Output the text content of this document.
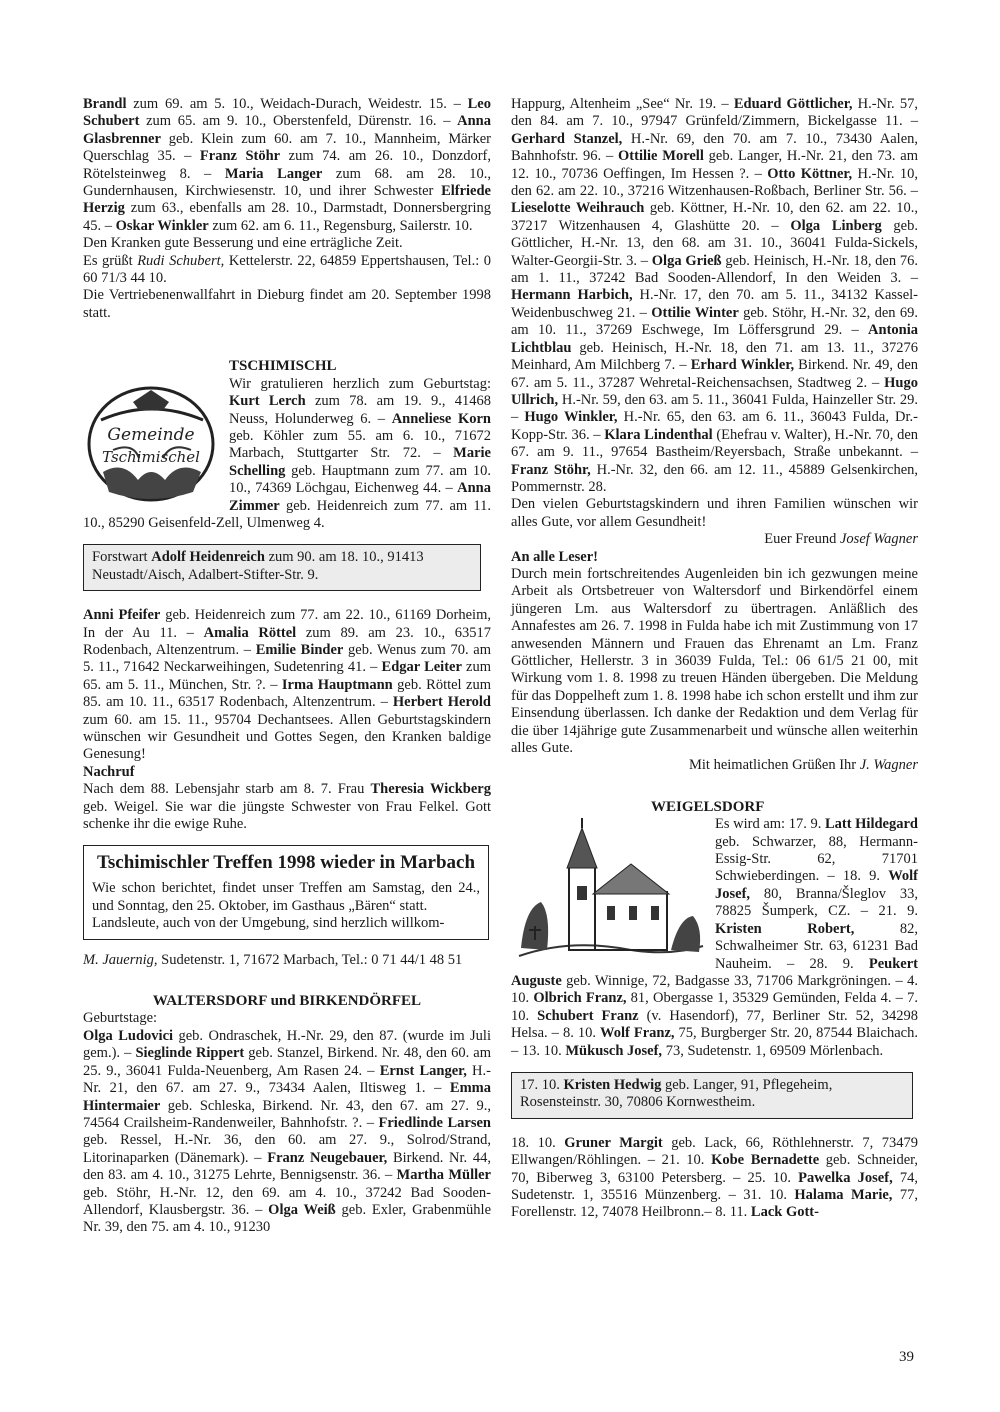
Brandl zum 69. am 5. 10., Weidach-Durach, Weidestr. 15. – Leo Schubert zum 65. am 9. 10., Oberstenfeld, Dürenstr. 16. – Anna Glasbrenner geb. Klein zum 60. am 7. 10., Mannheim, Märker Querschlag 35. – Franz Stöhr zum 74. am 26. 10., Donzdorf, Rötelsteinweg 8. – Maria Langer zum 68. am 28. 10., Gundernhausen, Kirchwiesenstr. 10, und ihrer Schwester Elfriede Herzig zum 63., ebenfalls am 28. 10., Darmstadt, Donnersbergring 45. – Oskar Winkler zum 62. am 6. 11., Regensburg, Sailerstr. 10.

Den Kranken gute Besserung und eine erträgliche Zeit.

Es grüßt Rudi Schubert, Kettelerstr. 22, 64859 Eppertshausen, Tel.: 0 60 71/3 44 10.

Die Vertriebenenwallfahrt in Dieburg findet am 20. September 1998 statt.

Gemeinde
Tschimischel

TSCHIMISCHL

Wir gratulieren herzlich zum Geburtstag: Kurt Lerch zum 78. am 19. 9., 41468 Neuss, Holunderweg 6. – Anneliese Korn geb. Köhler zum 55. am 6. 10., 71672 Marbach, Stuttgarter Str. 72. – Marie Schelling geb. Hauptmann zum 77. am 10. 10., 74369 Löchgau, Eichenweg 44. – Anna Zimmer geb. Heidenreich zum 77. am 11. 10., 85290 Geisenfeld-Zell, Ulmenweg 4.

Forstwart Adolf Heidenreich zum 90. am 18. 10., 91413 Neustadt/Aisch, Adalbert-Stifter-Str. 9.

Anni Pfeifer geb. Heidenreich zum 77. am 22. 10., 61169 Dorheim, In der Au 11. – Amalia Röttel zum 89. am 23. 10., 63517 Rodenbach, Altenzentrum. – Emilie Binder geb. Wenus zum 70. am 5. 11., 71642 Neckarweihingen, Sudetenring 41. – Edgar Leiter zum 65. am 5. 11., München, Str. ?. – Irma Hauptmann geb. Röttel zum 85. am 10. 11., 63517 Rodenbach, Altenzentrum. – Herbert Herold zum 60. am 15. 11., 95704 Dechantsees. Allen Geburtstagskindern wünschen wir Gesundheit und Gottes Segen, den Kranken baldige Genesung!

Nachruf

Nach dem 88. Lebensjahr starb am 8. 7. Frau Theresia Wickberg geb. Weigel. Sie war die jüngste Schwester von Frau Felkel. Gott schenke ihr die ewige Ruhe.

Tschimischler Treffen 1998 wieder in Marbach

Wie schon berichtet, findet unser Treffen am Samstag, den 24., und Sonntag, den 25. Oktober, im Gasthaus „Bären“ statt.

Landsleute, auch von der Umgebung, sind herzlich willkom-

M. Jauernig, Sudetenstr. 1, 71672 Marbach, Tel.: 0 71 44/1 48 51

WALTERSDORF und BIRKENDÖRFEL

Geburtstage:

Olga Ludovici geb. Ondraschek, H.-Nr. 29, den 87. (wurde im Juli gem.). – Sieglinde Rippert geb. Stanzel, Birkend. Nr. 48, den 60. am 25. 9., 36041 Fulda-Neuenberg, Am Rasen 24. – Ernst Langer, H.-Nr. 21, den 67. am 27. 9., 73434 Aalen, Iltisweg 1. – Emma Hintermaier geb. Schleska, Birkend. Nr. 43, den 67. am 27. 9., 74564 Crailsheim-Randenweiler, Bahnhofstr. ?. – Friedlinde Larsen geb. Ressel, H.-Nr. 36, den 60. am 27. 9., Solrod/Strand, Litorinaparken (Dänemark). – Franz Neugebauer, Birkend. Nr. 44, den 83. am 4. 10., 31275 Lehrte, Bennigsenstr. 36. – Martha Müller geb. Stöhr, H.-Nr. 12, den 69. am 4. 10., 37242 Bad Sooden-Allendorf, Klausbergstr. 36. – Olga Weiß geb. Exler, Grabenmühle Nr. 39, den 75. am 4. 10., 91230

Happurg, Altenheim „See“ Nr. 19. – Eduard Göttlicher, H.-Nr. 57, den 84. am 7. 10., 97947 Grünfeld/Zimmern, Bickelgasse 11. – Gerhard Stanzel, H.-Nr. 69, den 70. am 7. 10., 73430 Aalen, Bahnhofstr. 96. – Ottilie Morell geb. Langer, H.-Nr. 21, den 73. am 12. 10., 70736 Oeffingen, Im Hessen ?. – Otto Köttner, H.-Nr. 10, den 62. am 22. 10., 37216 Witzenhausen-Roßbach, Berliner Str. 56. – Lieselotte Weihrauch geb. Köttner, H.-Nr. 10, den 62. am 22. 10., 37217 Witzenhausen 4, Glashütte 20. – Olga Linberg geb. Göttlicher, H.-Nr. 13, den 68. am 31. 10., 36041 Fulda-Sickels, Walter-Georgii-Str. 3. – Olga Grieß geb. Heinisch, H.-Nr. 18, den 76. am 1. 11., 37242 Bad Sooden-Allendorf, In den Weiden 3. – Hermann Harbich, H.-Nr. 17, den 70. am 5. 11., 34132 Kassel-Weidenbuschweg 21. – Ottilie Winter geb. Stöhr, H.-Nr. 32, den 69. am 10. 11., 37269 Eschwege, Im Löffersgrund 29. – Antonia Lichtblau geb. Heinisch, H.-Nr. 18, den 71. am 13. 11., 37276 Meinhard, Am Milchberg 7. – Erhard Winkler, Birkend. Nr. 49, den 67. am 5. 11., 37287 Wehretal-Reichensachsen, Stadtweg 2. – Hugo Ullrich, H.-Nr. 59, den 63. am 5. 11., 36041 Fulda, Hainzeller Str. 29. – Hugo Winkler, H.-Nr. 65, den 63. am 6. 11., 36043 Fulda, Dr.-Kopp-Str. 36. – Klara Lindenthal (Ehefrau v. Walter), H.-Nr. 70, den 67. am 9. 11., 97654 Bastheim/Reyersbach, Straße unbekannt. – Franz Stöhr, H.-Nr. 32, den 66. am 12. 11., 45889 Gelsenkirchen, Pommernstr. 28.

Den vielen Geburtstagskindern und ihren Familien wünschen wir alles Gute, vor allem Gesundheit!

Euer Freund Josef Wagner

An alle Leser!

Durch mein fortschreitendes Augenleiden bin ich gezwungen meine Arbeit als Ortsbetreuer von Waltersdorf und Birkendörfel einem jüngeren Lm. aus Waltersdorf zu übertragen. Anläßlich des Annafestes am 26. 7. 1998 in Fulda habe ich mit Zustimmung von 17 anwesenden Männern und Frauen das Ehrenamt an Lm. Franz Göttlicher, Hellerstr. 3 in 36039 Fulda, Tel.: 06 61/5 21 00, mit Wirkung vom 1. 8. 1998 zu treuen Händen übergeben. Die Meldung für das Doppelheft zum 1. 8. 1998 habe ich schon erstellt und ihm zur Einsendung überlassen. Ich danke der Redaktion und dem Verlag für die über 14jährige gute Zusammenarbeit und wünsche allen weiterhin alles Gute.

Mit heimatlichen Grüßen Ihr J. Wagner

WEIGELSDORF

Es wird am: 17. 9. Latt Hildegard geb. Schwarzer, 88, Hermann-Essig-Str. 62, 71701 Schwieberdingen. – 18. 9. Wolf Josef, 80, Branna/Šleglov 33, 78825 Šumperk, CZ. – 21. 9. Kristen Robert, 82, Schwalheimer Str. 63, 61231 Bad Nauheim. – 28. 9. Peukert Auguste geb. Winnige, 72, Badgasse 33, 71706 Markgröningen. – 4. 10. Olbrich Franz, 81, Obergasse 1, 35329 Gemünden, Felda 4. – 7. 10. Schubert Franz (v. Hasendorf), 77, Berliner Str. 52, 34298 Helsa. – 8. 10. Wolf Franz, 75, Burgberger Str. 20, 87544 Blaichach. – 13. 10. Mükusch Josef, 73, Sudetenstr. 1, 69509 Mörlenbach.

17. 10. Kristen Hedwig geb. Langer, 91, Pflegeheim, Rosensteinstr. 30, 70806 Kornwestheim.

18. 10. Gruner Margit geb. Lack, 66, Röthlehnerstr. 7, 73479 Ellwangen/Röhlingen. – 21. 10. Kobe Bernadette geb. Schneider, 70, Biberweg 3, 63100 Petersberg. – 25. 10. Pawelka Josef, 74, Sudetenstr. 1, 35516 Münzenberg. – 31. 10. Halama Marie, 77, Forellenstr. 12, 74078 Heilbronn.– 8. 11. Lack Gott-

39
